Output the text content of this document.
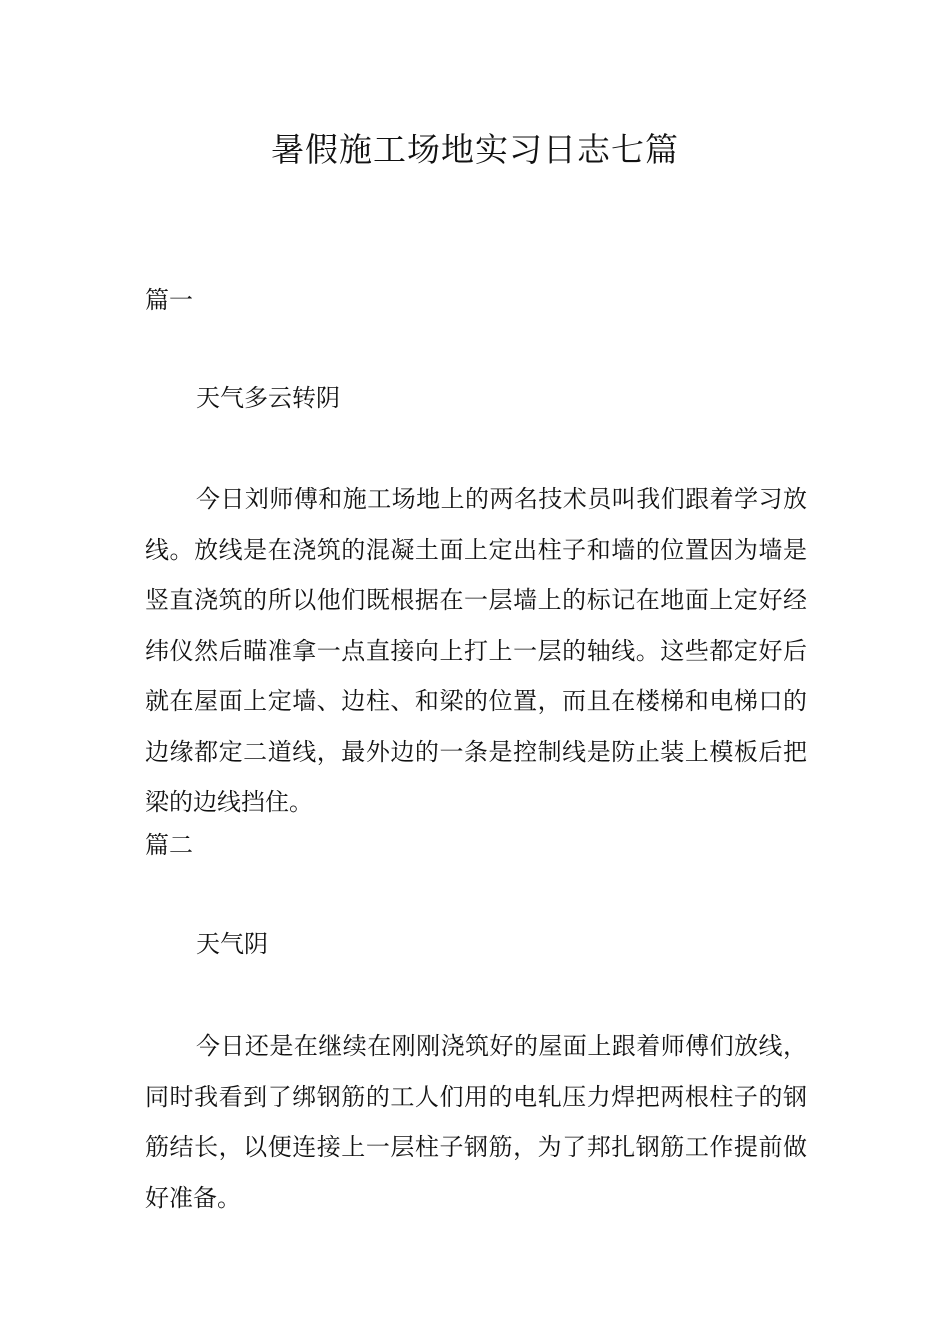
暑假施工场地实习日志七篇
篇一
天气多云转阴

今日刘师傅和施工场地上的两名技术员叫我们跟着学习放线。放线是在浇筑的混凝土面上定出柱子和墙的位置因为墙是竖直浇筑的所以他们既根据在一层墙上的标记在地面上定好经纬仪然后瞄准拿一点直接向上打上一层的轴线。这些都定好后就在屋面上定墙、边柱、和梁的位置，而且在楼梯和电梯口的边缘都定二道线，最外边的一条是控制线是防止装上模板后把梁的边线挡住。

篇二
天气阴

今日还是在继续在刚刚浇筑好的屋面上跟着师傅们放线，同时我看到了绑钢筋的工人们用的电轧压力焊把两根柱子的钢筋结长，以便连接上一层柱子钢筋，为了邦扎钢筋工作提前做好准备。
